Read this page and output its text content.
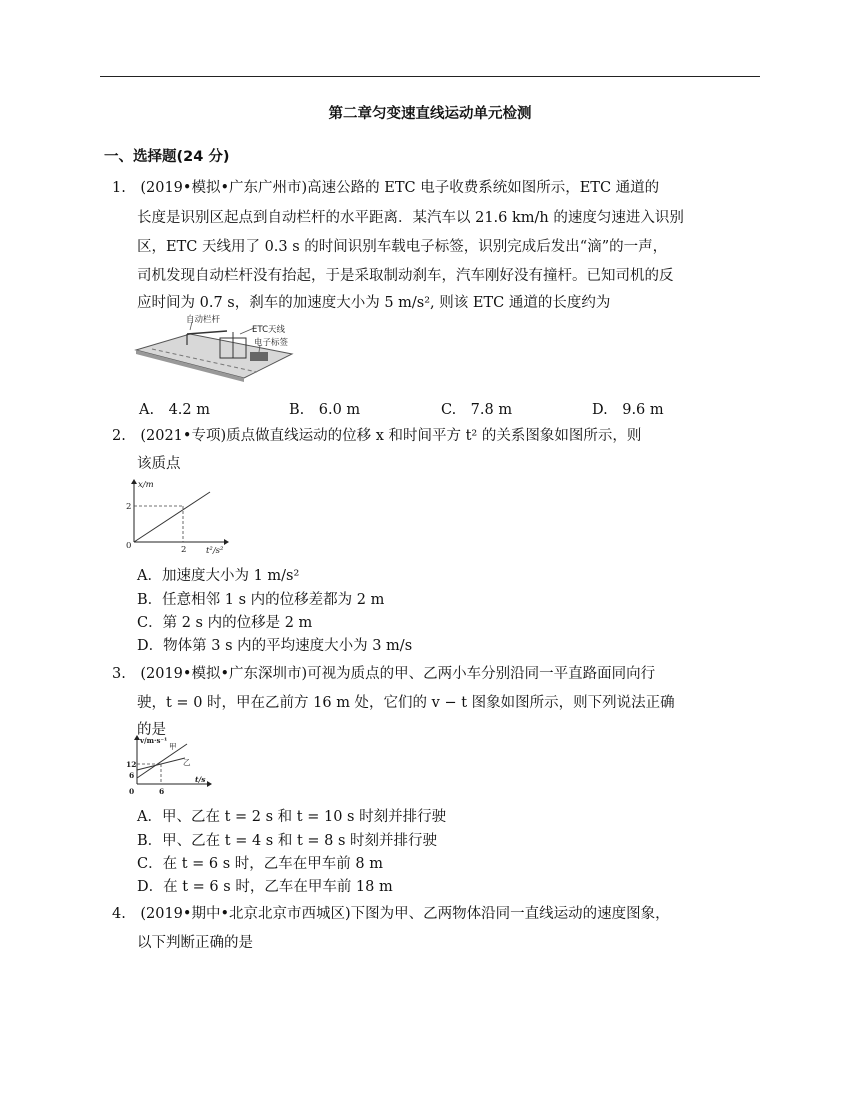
第二章匀变速直线运动单元检测
一、选择题(24 分)
1.　(2019•模拟•广东广州市)高速公路的 ETC 电子收费系统如图所示，ETC 通道的
长度是识别区起点到自动栏杆的水平距离．某汽车以 21.6 km/h 的速度匀速进入识别
区，ETC 天线用了 0.3 s 的时间识别车载电子标签，识别完成后发出“滴”的一声，
司机发现自动栏杆没有抬起，于是采取制动刹车，汽车刚好没有撞杆。已知司机的反
应时间为 0.7 s，刹车的加速度大小为 5 m/s², 则该 ETC 通道的长度约为
自动栏杆
ETC天线
电子标签
A.　4.2 m	B.　6.0 m	C.　7.8 m	D.　9.6 m
2.　(2021•专项)质点做直线运动的位移 x 和时间平方 t² 的关系图象如图所示，则
该质点
x/m
t²/s²
0
2
2
A．加速度大小为 1 m/s²
B．任意相邻 1 s 内的位移差都为 2 m
C．第 2 s 内的位移是 2 m
D．物体第 3 s 内的平均速度大小为 3 m/s
3.　(2019•模拟•广东深圳市)可视为质点的甲、乙两小车分别沿同一平直路面同向行
驶，t = 0 时，甲在乙前方 16 m 处，它们的 v − t 图象如图所示，则下列说法正确
的是
v/m·s⁻¹
甲
乙
12
6	t/s
0	6
A．甲、乙在 t = 2 s 和 t = 10 s 时刻并排行驶
B．甲、乙在 t = 4 s 和 t = 8 s 时刻并排行驶
C．在 t = 6 s 时，乙车在甲车前 8 m
D．在 t = 6 s 时，乙车在甲车前 18 m
4.　(2019•期中•北京北京市西城区)下图为甲、乙两物体沿同一直线运动的速度图象，
以下判断正确的是
